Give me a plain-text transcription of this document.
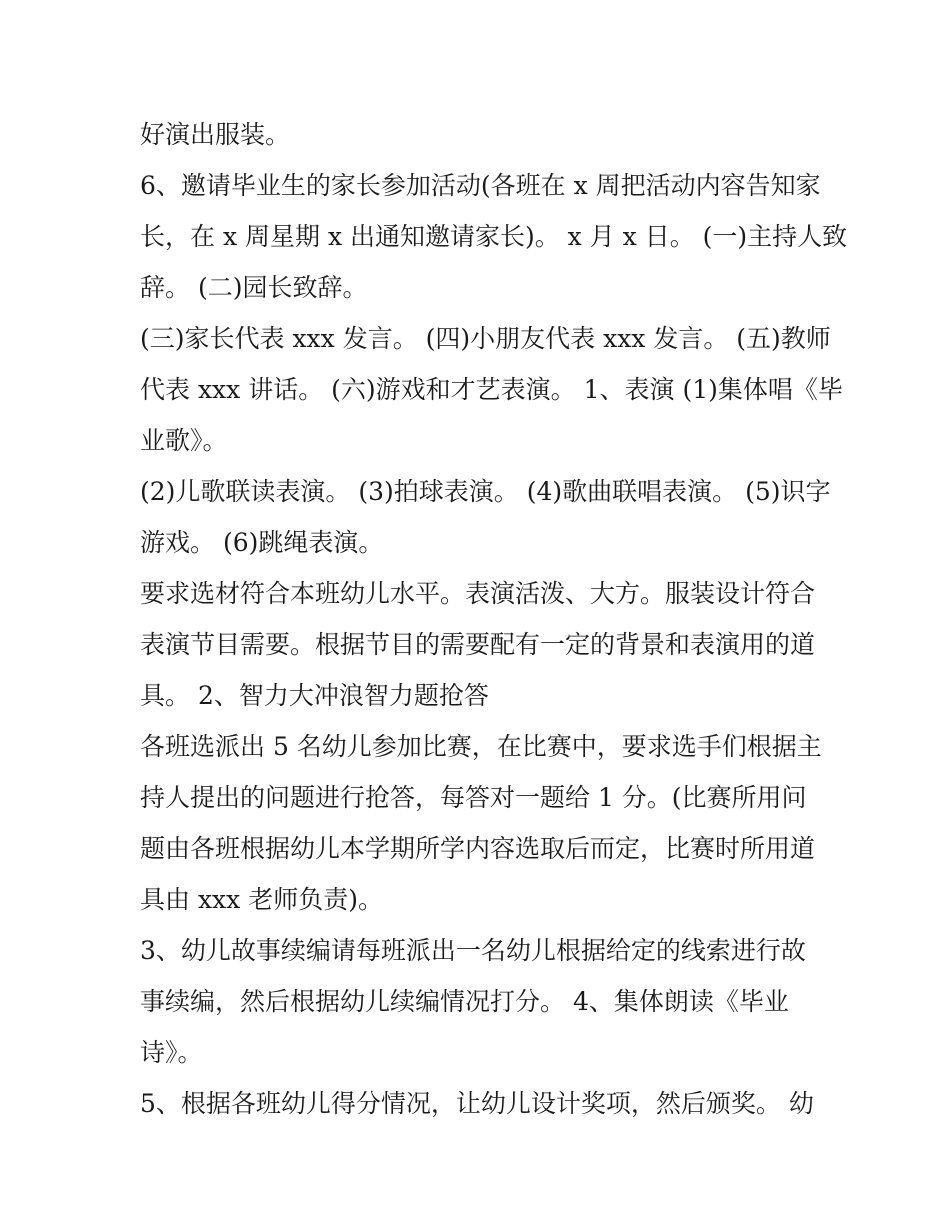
好演出服装。
6、邀请毕业生的家长参加活动(各班在 x 周把活动内容告知家
长，在 x 周星期 x 出通知邀请家长)。 x 月 x 日。 (一)主持人致
辞。 (二)园长致辞。
(三)家长代表 xxx 发言。 (四)小朋友代表 xxx 发言。 (五)教师
代表 xxx 讲话。 (六)游戏和才艺表演。 1、表演 (1)集体唱《毕
业歌》。
(2)儿歌联读表演。 (3)拍球表演。 (4)歌曲联唱表演。 (5)识字
游戏。 (6)跳绳表演。
要求选材符合本班幼儿水平。表演活泼、大方。服装设计符合
表演节目需要。根据节目的需要配有一定的背景和表演用的道
具。 2、智力大冲浪智力题抢答
各班选派出 5 名幼儿参加比赛，在比赛中，要求选手们根据主
持人提出的问题进行抢答，每答对一题给 1 分。(比赛所用问
题由各班根据幼儿本学期所学内容选取后而定，比赛时所用道
具由 xxx 老师负责)。
3、幼儿故事续编请每班派出一名幼儿根据给定的线索进行故
事续编，然后根据幼儿续编情况打分。 4、集体朗读《毕业
诗》。
5、根据各班幼儿得分情况，让幼儿设计奖项，然后颁奖。 幼
